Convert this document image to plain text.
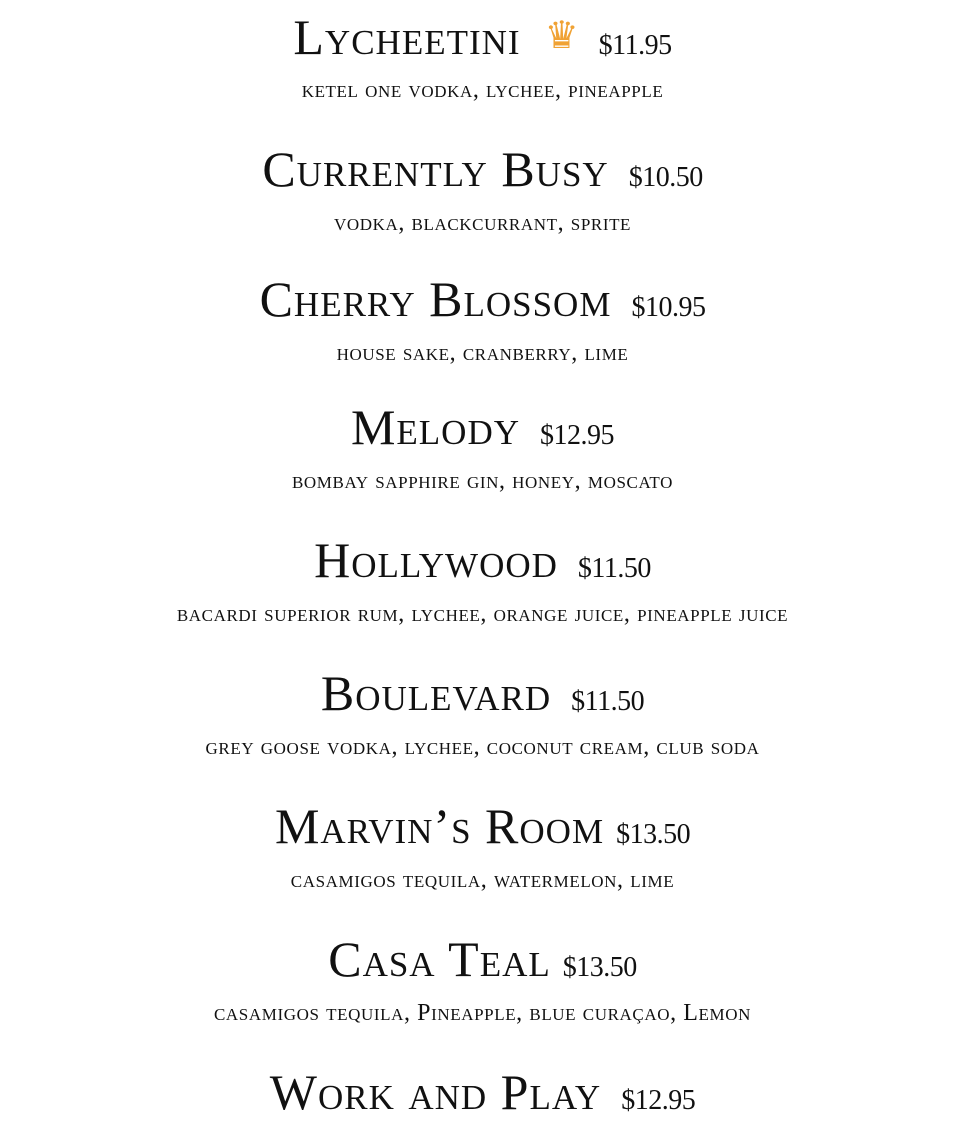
Lycheetini ♛ $11.95
ketel one vodka, lychee, pineapple
Currently Busy $10.50
vodka, blackcurrant, sprite
Cherry Blossom $10.95
house sake, cranberry, lime
Melody $12.95
bombay sapphire gin, honey, moscato
Hollywood $11.50
bacardi superior rum, lychee, orange juice, pineapple juice
Boulevard $11.50
grey goose vodka, lychee, coconut cream, club soda
Marvin’s Room $13.50
casamigos tequila, watermelon, lime
Casa Teal $13.50
casamigos tequila, Pineapple, blue curaçao, Lemon
Work and Play $12.95
